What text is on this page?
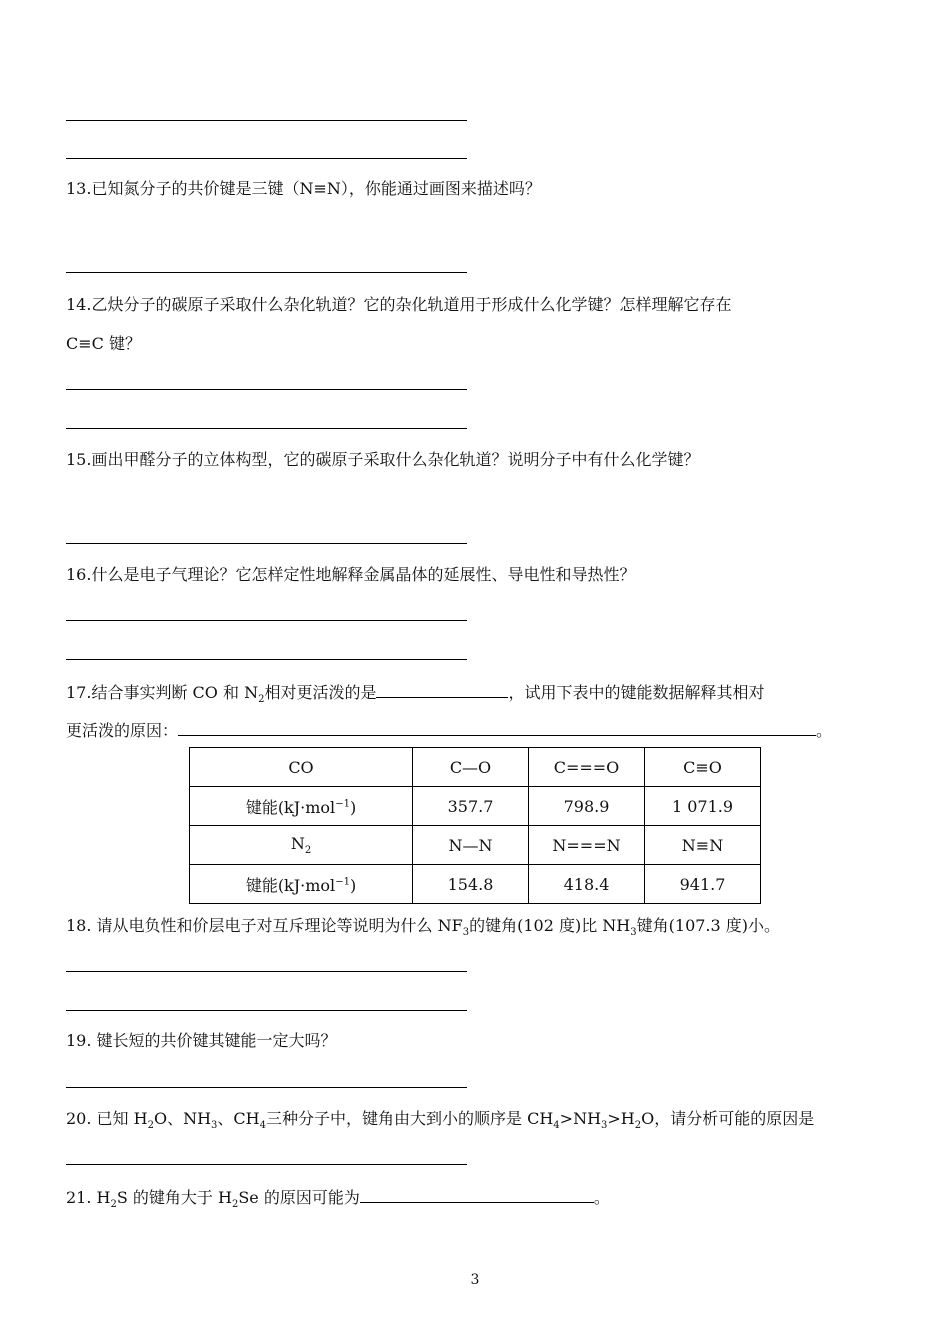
13.已知氮分子的共价键是三键（N≡N），你能通过画图来描述吗？
14.乙炔分子的碳原子采取什么杂化轨道？它的杂化轨道用于形成什么化学键？怎样理解它存在
C≡C 键？
15.画出甲醛分子的立体构型，它的碳原子采取什么杂化轨道？说明分子中有什么化学键？
16.什么是电子气理论？它怎样定性地解释金属晶体的延展性、导电性和导热性？
17.结合事实判断 CO 和 $N_2$相对更活泼的是	，试用下表中的键能数据解释其相对
更活泼的原因：	。
CO	C—O	C===O	C≡O
键能(kJ·mol$^{-1}$)	357.7	798.9	1 071.9
$N_2$	N—N	N===N	N≡N
键能(kJ·mol$^{-1}$)	154.8	418.4	941.7
18. 请从电负性和价层电子对互斥理论等说明为什么 $NF_3$的键角(102 度)比 $NH_3$键角(107.3 度)小。
19. 键长短的共价键其键能一定大吗？
20. 已知 $H_2O$、$NH_3$、$CH_4$三种分子中，键角由大到小的顺序是 $CH_4>NH_3>H_2O$，请分析可能的原因是
21. $H_2S$ 的键角大于 $H_2Se$ 的原因可能为	。
3
